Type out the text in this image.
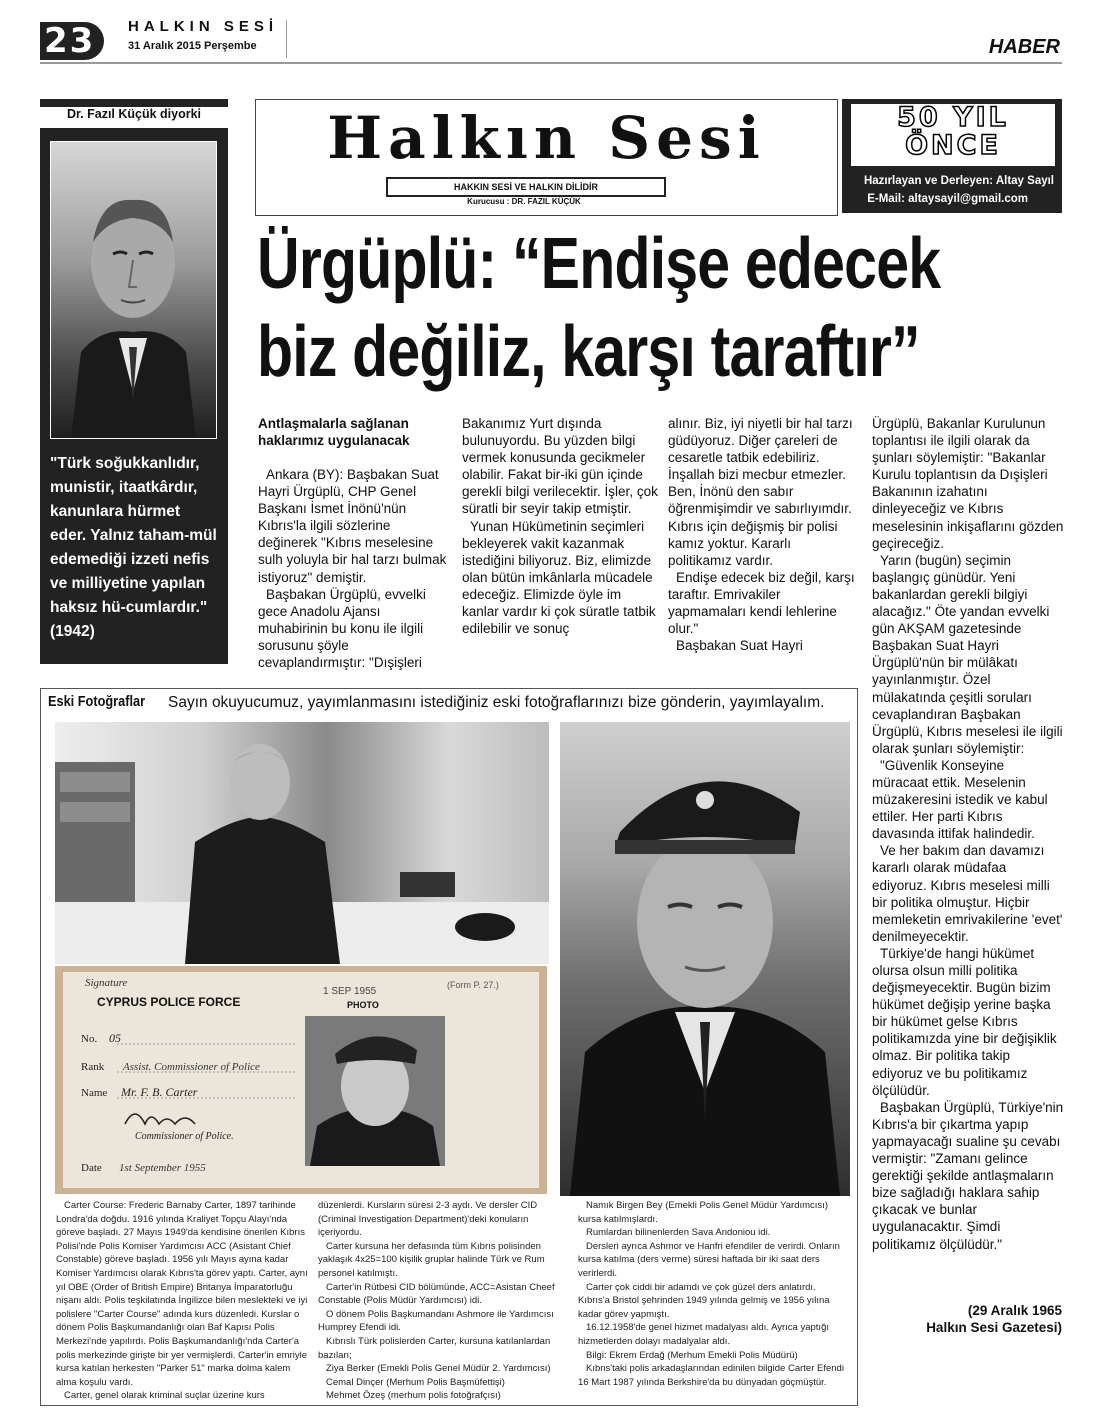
23	HALKIN SESİ
31 Aralık 2015 Perşembe	HABER
Dr. Fazıl Küçük diyorki
"Türk soğukkanlıdır, munistir, itaatkârdır, kanunlara hürmet eder. Yalnız taham-mül edemediği izzeti nefis ve milliyetine yapılan haksız hü-cumlardır." (1942)
Halkın Sesi
HAKKIN SESİ VE HALKIN DİLİDİR
Kurucusu : DR. FAZIL KÜÇÜK
50 YIL
ÖNCE
Hazırlayan ve Derleyen: Altay Sayıl
E-Mail: altaysayil@gmail.com
Ürgüplü: “Endişe edecek
biz değiliz, karşı taraftır”
Antlaşmalarla sağlanan haklarımız uygulanacak

Ankara (BY): Başbakan Suat Hayri Ürgüplü, CHP Genel Başkanı İsmet İnönü'nün Kıbrıs'la ilgili sözlerine değinerek "Kıbrıs meselesine sulh yoluyla bir hal tarzı bulmak istiyoruz" demiştir.

Başbakan Ürgüplü, evvelki gece Anadolu Ajansı muhabirinin bu konu ile ilgili sorusunu şöyle cevaplandırmıştır: "Dışişleri

Bakanımız Yurt dışında bulunuyordu. Bu yüzden bilgi vermek konusunda gecikmeler olabilir. Fakat bir-iki gün içinde gerekli bilgi verilecektir. İşler, çok süratli bir seyir takip etmiştir.

Yunan Hükümetinin seçimleri bekleyerek vakit kazanmak istediğini biliyoruz. Biz, elimizde olan bütün imkânlarla mücadele edeceğiz. Elimizde öyle im kanlar vardır ki çok süratle tatbik edilebilir ve sonuç

alınır. Biz, iyi niyetli bir hal tarzı güdüyoruz. Diğer çareleri de cesaretle tatbik edebiliriz. İnşallah bizi mecbur etmezler. Ben, İnönü den sabır öğrenmişimdir ve sabırlıyımdır. Kıbrıs için değişmiş bir polisi kamız yoktur. Kararlı politikamız vardır.

Endişe edecek biz değil, karşı taraftır. Emrivakiler yapmamaları kendi lehlerine olur."

Başbakan Suat Hayri

Ürgüplü, Bakanlar Kurulunun toplantısı ile ilgili olarak da şunları söylemiştir: "Bakanlar Kurulu toplantısın da Dışişleri Bakanının izahatını dinleyeceğiz ve Kıbrıs meselesinin inkişaflarını gözden geçireceğiz.

Yarın (bugün) seçimin başlangıç günüdür. Yeni bakanlardan gerekli bilgiyi alacağız." Öte yandan evvelki gün AKŞAM gazetesinde Başbakan Suat Hayri Ürgüplü'nün bir mülâkatı yayınlanmıştır. Özel mülakatında çeşitli soruları cevaplandıran Başbakan Ürgüplü, Kıbrıs meselesi ile ilgili olarak şunları söylemiştir:

"Güvenlik Konseyine müracaat ettik. Meselenin müzakeresini istedik ve kabul ettiler. Her parti Kıbrıs davasında ittifak halindedir.

Ve her bakım dan davamızı kararlı olarak müdafaa ediyoruz. Kıbrıs meselesi milli bir politika olmuştur. Hiçbir memleketin emrivakilerine 'evet' denilmeyecektir.

Türkiye'de hangi hükümet olursa olsun milli politika değişmeyecektir. Bugün bizim hükümet değişip yerine başka bir hükümet gelse Kıbrıs politikamızda yine bir değişiklik olmaz. Bir politika takip ediyoruz ve bu politikamız ölçülüdür.

Başbakan Ürgüplü, Türkiye'nin Kıbrıs'a bir çıkartma yapıp yapmayacağı sualine şu cevabı vermiştir: "Zamanı gelince gerektiği şekilde antlaşmaların bize sağladığı haklara sahip çıkacak ve bunlar uygulanacaktır. Şimdi politikamız ölçülüdür."

(29 Aralık 1965
Halkın Sesi Gazetesi)
Eski Fotoğraflar Sayın okuyucumuz, yayımlanmasını istediğiniz eski fotoğraflarınızı bize gönderin, yayımlayalım.
Signature
CYPRUS POLICE FORCE
1 SEP 1955
PHOTO
(Form P. 27.)
No. 05
Rank Assist. Commissioner of Police
Name Mr. F. B. Carter
Commissioner of Police.
Date 1st September 1955

Carter Course: Frederic Barnaby Carter, 1897 tarihinde Londra'da doğdu. 1916 yılında Kraliyet Topçu Alayı'nda göreve başladı. 27 Mayıs 1949'da kendisine önerilen Kıbrıs Polisi'nde Polis Komiser Yardımcısı ACC (Asistant Chief Constable) göreve başladı. 1956 yılı Mayıs ayına kadar Komiser Yardımcısı olarak Kıbrıs'ta görev yaptı. Carter, aynı yıl OBE (Order of British Empire) Britanya İmparatorluğu nişanı aldı. Polis teşkilatında İngilizce bilen meslekteki ve iyi polislere "Carter Course" adında kurs düzenledi. Kurslar o dönem Polis Başkumandanlığı olan Baf Kapısı Polis Merkezi'nde yapılırdı. Polis Başkumandanlığı'nda Carter'a polis merkezinde girişte bir yer vermişlerdi. Carter'in emriyle kursa katılan herkesten "Parker 51" marka dolma kalem alma koşulu vardı.

Carter, genel olarak kriminal suçlar üzerine kurs

düzenlerdi. Kursların süresi 2-3 aydı. Ve dersler CID (Criminal Investigation Department)'deki konuların içeriyordu.

Carter kursuna her defasında tüm Kıbrıs polisinden yaklaşık 4x25=100 kişilik gruplar halinde Türk ve Rum personel katılmıştı.

Carter'in Rütbesi CID bölümünde, ACC=Asistan Cheef Constable (Polis Müdür Yardımcısı) idi.

O dönem Polis Başkumandanı Ashmore ile Yardımcısı Humprey Efendi idi.

Kıbrıslı Türk polislerden Carter, kursuna katılanlardan bazıları;

Ziya Berker (Emekli Polis Genel Müdür 2. Yardımcısı)

Cemal Dinçer (Merhum Polis Başmüfettişi)

Mehmet Özeş (merhum polis fotoğrafçısı)

Namık Birgen Bey (Emekli Polis Genel Müdür Yardımcısı) kursa katılmışlardı.

Rumlardan bilinenlerden Sava Andoniou idi.

Dersleri ayrıca Ashmor ve Hanfri efendiler de verirdi. Onların kursa katılma (ders verme) süresi haftada bir iki saat ders verirlerdi.

Carter çok ciddi bir adamdı ve çok güzel ders anlatırdı. Kıbrıs'a Bristol şehrinden 1949 yılında gelmiş ve 1956 yılına kadar görev yapmıştı.

16.12.1958'de genel hizmet madalyası aldı. Ayrıca yaptığı hizmetlerden dolayı madalyalar aldı.

Bilgi: Ekrem Erdağ (Merhum Emekli Polis Müdürü)

Kıbns'taki polis arkadaşlarından edinilen bilgide Carter Efendi 16 Mart 1987 yılında Berkshire'da bu dünyadan göçmüştür.
